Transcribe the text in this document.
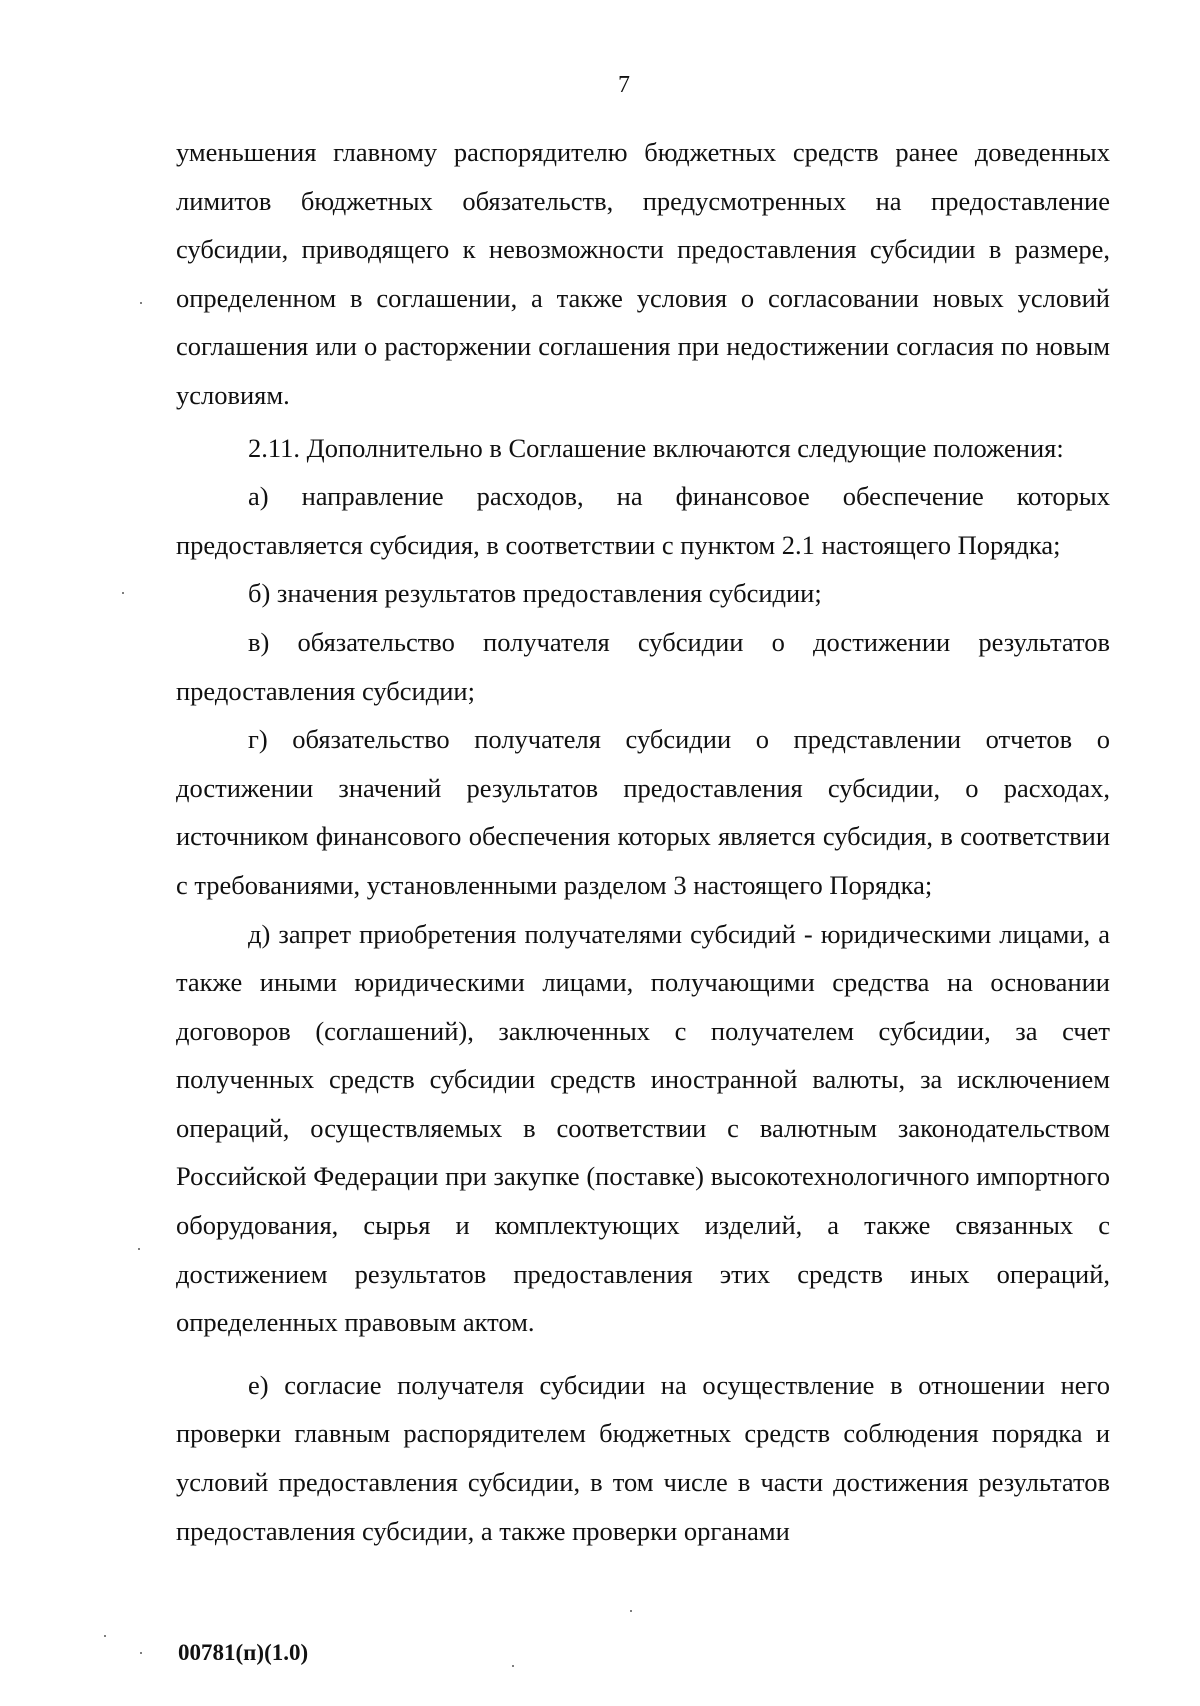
7

уменьшения главному распорядителю бюджетных средств ранее доведенных лимитов бюджетных обязательств, предусмотренных на предоставление субсидии, приводящего к невозможности предоставления субсидии в размере, определенном в соглашении, а также условия о согласовании новых условий соглашения или о расторжении соглашения при недостижении согласия по новым условиям.

2.11. Дополнительно в Соглашение включаются следующие положения:

а) направление расходов, на финансовое обеспечение которых предоставляется субсидия, в соответствии с пунктом 2.1 настоящего Порядка;

б) значения результатов предоставления субсидии;

в) обязательство получателя субсидии о достижении результатов предоставления субсидии;

г) обязательство получателя субсидии о представлении отчетов о достижении значений результатов предоставления субсидии, о расходах, источником финансового обеспечения которых является субсидия, в соответствии с требованиями, установленными разделом 3 настоящего Порядка;

д) запрет приобретения получателями субсидий - юридическими лицами, а также иными юридическими лицами, получающими средства на основании договоров (соглашений), заключенных с получателем субсидии, за счет полученных средств субсидии средств иностранной валюты, за исключением операций, осуществляемых в соответствии с валютным законодательством Российской Федерации при закупке (поставке) высокотехнологичного импортного оборудования, сырья и комплектующих изделий, а также связанных с достижением результатов предоставления этих средств иных операций, определенных правовым актом.

е) согласие получателя субсидии на осуществление в отношении него проверки главным распорядителем бюджетных средств соблюдения порядка и условий предоставления субсидии, в том числе в части достижения результатов предоставления субсидии, а также проверки органами

00781(п)(1.0)
